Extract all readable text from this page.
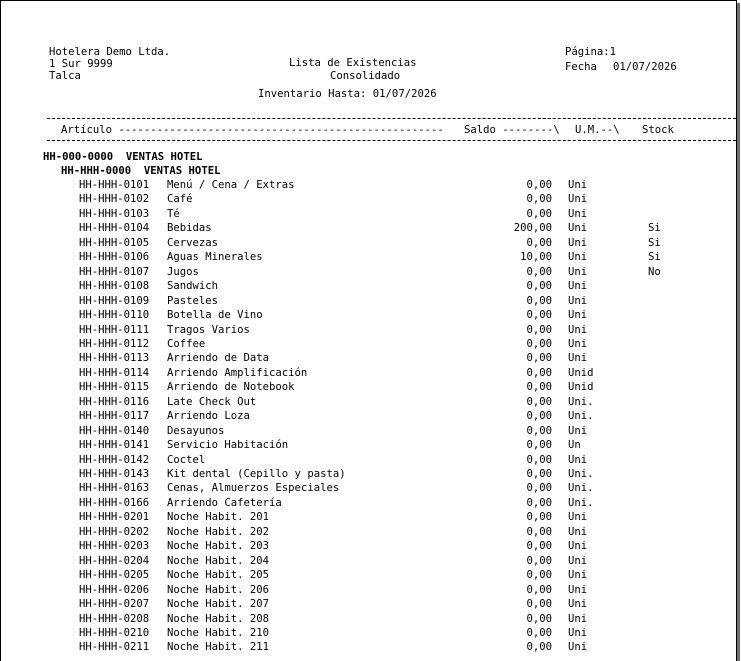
Hotelera Demo Ltda.
1 Sur 9999
Talca
Lista de Existencias
Consolidado
Inventario Hasta: 01/07/2026
Página:1
Fecha 01/07/2026
Artículo --------------------------------------------------- Saldo --------\ U.M.--\ Stock
HH-000-0000  VENTAS HOTEL
HH-HHH-0000  VENTAS HOTEL
HH-HHH-0101 Menú / Cena / Extras	0,00 Uni
HH-HHH-0102 Café	0,00 Uni
HH-HHH-0103 Té	0,00 Uni
HH-HHH-0104 Bebidas	200,00 Uni	Si
HH-HHH-0105 Cervezas	0,00 Uni	Si
HH-HHH-0106 Aguas Minerales	10,00 Uni	Si
HH-HHH-0107 Jugos	0,00 Uni	No
HH-HHH-0108 Sandwich	0,00 Uni
HH-HHH-0109 Pasteles	0,00 Uni
HH-HHH-0110 Botella de Vino	0,00 Uni
HH-HHH-0111 Tragos Varios	0,00 Uni
HH-HHH-0112 Coffee	0,00 Uni
HH-HHH-0113 Arriendo de Data	0,00 Uni
HH-HHH-0114 Arriendo Amplificación	0,00 Unid
HH-HHH-0115 Arriendo de Notebook	0,00 Unid
HH-HHH-0116 Late Check Out	0,00 Uni.
HH-HHH-0117 Arriendo Loza	0,00 Uni.
HH-HHH-0140 Desayunos	0,00 Uni
HH-HHH-0141 Servicio Habitación	0,00 Un
HH-HHH-0142 Coctel	0,00 Uni
HH-HHH-0143 Kit dental (Cepillo y pasta)	0,00 Uni.
HH-HHH-0163 Cenas, Almuerzos Especiales	0,00 Uni.
HH-HHH-0166 Arriendo Cafetería	0,00 Uni.
HH-HHH-0201 Noche Habit. 201	0,00 Uni
HH-HHH-0202 Noche Habit. 202	0,00 Uni
HH-HHH-0203 Noche Habit. 203	0,00 Uni
HH-HHH-0204 Noche Habit. 204	0,00 Uni
HH-HHH-0205 Noche Habit. 205	0,00 Uni
HH-HHH-0206 Noche Habit. 206	0,00 Uni
HH-HHH-0207 Noche Habit. 207	0,00 Uni
HH-HHH-0208 Noche Habit. 208	0,00 Uni
HH-HHH-0210 Noche Habit. 210	0,00 Uni
HH-HHH-0211 Noche Habit. 211	0,00 Uni
